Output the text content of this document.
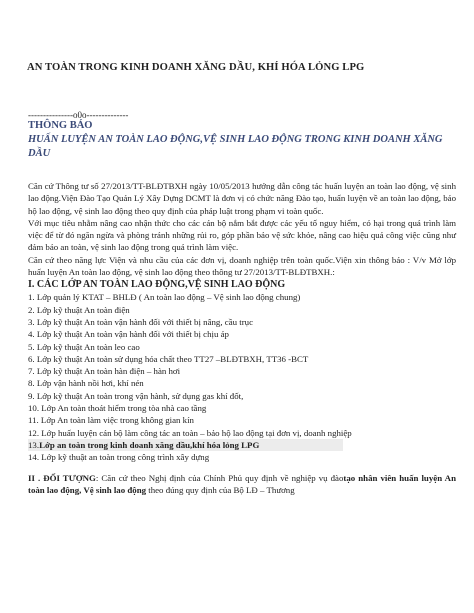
AN TOÀN TRONG KINH DOANH XĂNG DẦU, KHÍ HÓA LỎNG LPG
---------------o0o--------------
THÔNG BÁO
HUẤN LUYỆN AN TOÀN LAO ĐỘNG,VỆ SINH LAO ĐỘNG TRONG KINH DOANH XĂNG DẦU

Căn cứ Thông tư số 27/2013/TT-BLĐTBXH ngày 10/05/2013 hướng dẫn công tác huấn luyện an toàn lao động, vệ sinh lao động.Viện Đào Tạo Quản Lý Xây Dựng DCMT là đơn vị có chức năng Đào tạo, huấn luyện về an toàn lao động, bảo hộ lao động, vệ sinh lao động theo quy định của pháp luật trong phạm vi toàn quốc.

Với mục tiêu nhằm nâng cao nhận thức cho các cán bộ nắm bắt được các yếu tố nguy hiểm, có hại trong quá trình làm việc để từ đó ngăn ngừa và phòng tránh những rủi ro, góp phần bảo vệ sức khỏe, nâng cao hiệu quả công việc cũng như đảm bảo an toàn, vệ sinh lao động trong quá trình làm việc.

Căn cứ theo năng lực Viện và nhu cầu của các đơn vị, doanh nghiệp trên toàn quốc.Viện xin thông báo : V/v Mở lớp huấn luyện An toàn lao động, vệ sinh lao động theo thông tư 27/2013/TT-BLĐTBXH.:

I. CÁC LỚP AN TOÀN LAO ĐỘNG,VỆ SINH LAO ĐỘNG

1. Lớp quản lý KTAT – BHLĐ ( An toàn lao động – Vệ sinh lao động chung)
2. Lớp kỹ thuật An toàn điện
3. Lớp kỹ thuật An toàn vận hành đối với thiết bị nâng, cầu trục
4. Lớp kỹ thuật An toàn vận hành đối với thiết bị chịu áp
5. Lớp kỹ thuật An toàn leo cao
6. Lớp kỹ thuật An toàn sử dụng hóa chất theo TT27 –BLĐTBXH, TT36 -BCT
7. Lớp kỹ thuật An toàn hàn điện – hàn hơi
8. Lớp vận hành nồi hơi, khí nén
9. Lớp kỹ thuật An toàn trong vận hành, sử dụng gas khí đốt,
10. Lớp An toàn thoát hiểm trong tòa nhà cao tầng
11. Lớp An toàn làm việc trong không gian kín
12. Lớp huấn luyện cán bộ làm công tác an toàn – bảo hộ lao động tại đơn vị, doanh nghiệp
13.Lớp an toàn trong kinh doanh xăng dầu,khí hóa lỏng LPG
14. Lớp kỹ thuật an toàn trong công trình xây dựng

II . ĐỐI TƯỢNG: Căn cứ theo Nghị định của Chính Phủ quy định về nghiệp vụ đàotạo nhân viên huấn luyện An toàn lao động, Vệ sinh lao động theo đúng quy định của Bộ LĐ – Thương
